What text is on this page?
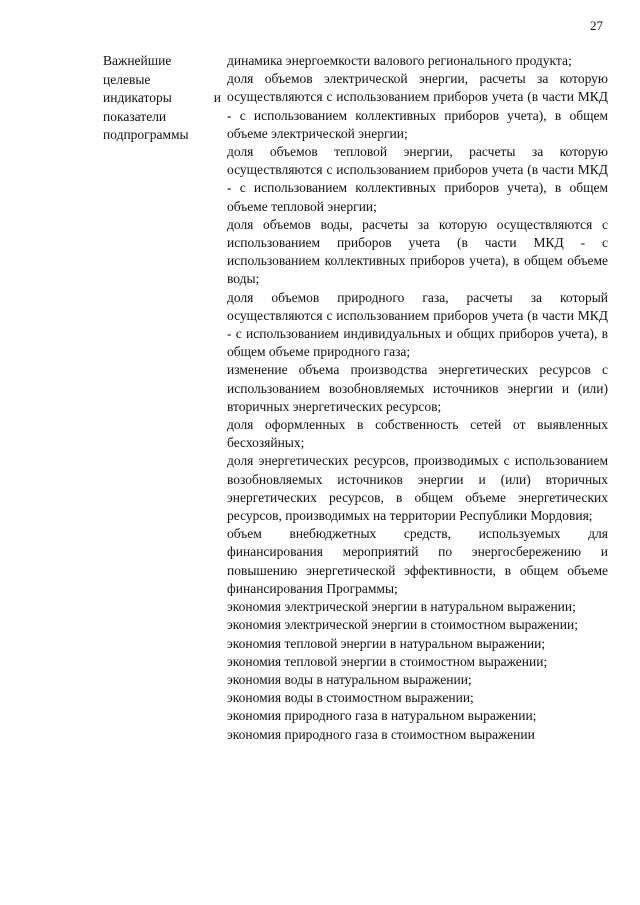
27
Важнейшие
целевые
индикаторы	и
показатели
подпрограммы

динамика энергоемкости валового регионального продукта;

доля объемов электрической энергии, расчеты за которую осуществляются с использованием приборов учета (в части МКД - с использованием коллективных приборов учета), в общем объеме электрической энергии;

доля объемов тепловой энергии, расчеты за которую осуществляются с использованием приборов учета (в части МКД - с использованием коллективных приборов учета), в общем объеме тепловой энергии;

доля объемов воды, расчеты за которую осуществляются с использованием приборов учета (в части МКД - с использованием коллективных приборов учета), в общем объеме воды;

доля объемов природного газа, расчеты за который осуществляются с использованием приборов учета (в части МКД - с использованием индивидуальных и общих приборов учета), в общем объеме природного газа;

изменение объема производства энергетических ресурсов с использованием возобновляемых источников энергии и (или) вторичных энергетических ресурсов;

доля оформленных в собственность сетей от выявленных бесхозяйных;

доля энергетических ресурсов, производимых с использованием возобновляемых источников энергии и (или) вторичных энергетических ресурсов, в общем объеме энергетических ресурсов, производимых на территории Республики Мордовия;

объем внебюджетных средств, используемых для финансирования мероприятий по энергосбережению и повышению энергетической эффективности, в общем объеме финансирования Программы;

экономия электрической энергии в натуральном выражении;

экономия электрической энергии в стоимостном выражении;

экономия тепловой энергии в натуральном выражении;

экономия тепловой энергии в стоимостном выражении;

экономия воды в натуральном выражении;

экономия воды в стоимостном выражении;

экономия природного газа в натуральном выражении;

экономия природного газа в стоимостном выражении
